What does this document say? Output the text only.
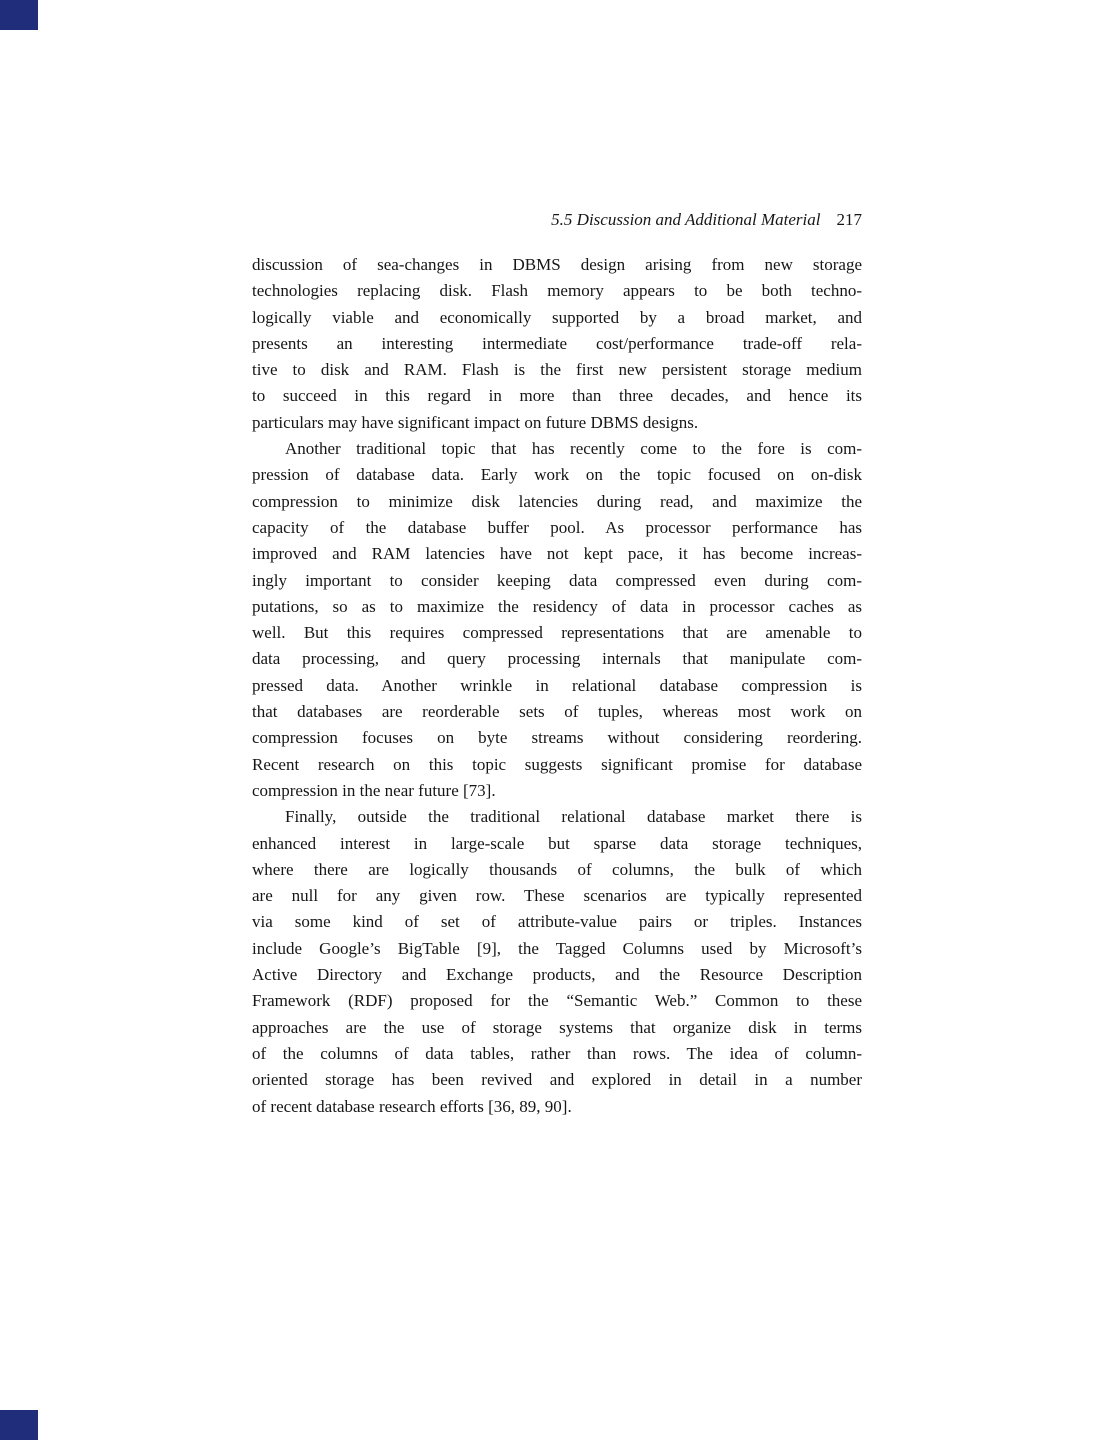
5.5 Discussion and Additional Material 217
discussion of sea-changes in DBMS design arising from new storage
technologies replacing disk. Flash memory appears to be both techno-
logically viable and economically supported by a broad market, and
presents an interesting intermediate cost/performance trade-off rela-
tive to disk and RAM. Flash is the first new persistent storage medium
to succeed in this regard in more than three decades, and hence its
particulars may have significant impact on future DBMS designs.
Another traditional topic that has recently come to the fore is com-
pression of database data. Early work on the topic focused on on-disk
compression to minimize disk latencies during read, and maximize the
capacity of the database buffer pool. As processor performance has
improved and RAM latencies have not kept pace, it has become increas-
ingly important to consider keeping data compressed even during com-
putations, so as to maximize the residency of data in processor caches as
well. But this requires compressed representations that are amenable to
data processing, and query processing internals that manipulate com-
pressed data. Another wrinkle in relational database compression is
that databases are reorderable sets of tuples, whereas most work on
compression focuses on byte streams without considering reordering.
Recent research on this topic suggests significant promise for database
compression in the near future [73].
Finally, outside the traditional relational database market there is
enhanced interest in large-scale but sparse data storage techniques,
where there are logically thousands of columns, the bulk of which
are null for any given row. These scenarios are typically represented
via some kind of set of attribute-value pairs or triples. Instances
include Google’s BigTable [9], the Tagged Columns used by Microsoft’s
Active Directory and Exchange products, and the Resource Description
Framework (RDF) proposed for the “Semantic Web.” Common to these
approaches are the use of storage systems that organize disk in terms
of the columns of data tables, rather than rows. The idea of column-
oriented storage has been revived and explored in detail in a number
of recent database research efforts [36, 89, 90].
